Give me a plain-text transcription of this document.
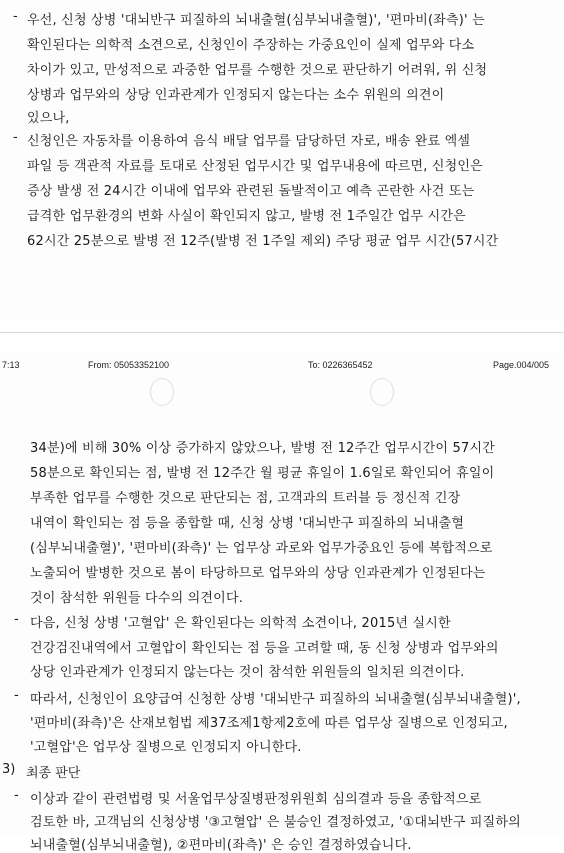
- 우선, 신청 상병 '대뇌반구 피질하의 뇌내출혈(심부뇌내출혈)', '편마비(좌측)' 는
확인된다는 의학적 소견으로, 신청인이 주장하는 가중요인이 실제 업무와 다소
차이가 있고, 만성적으로 과중한 업무를 수행한 것으로 판단하기 어려워, 위 신청
상병과 업무와의 상당 인과관계가 인정되지 않는다는 소수 위원의 의견이
있으나,
- 신청인은 자동차를 이용하여 음식 배달 업무를 담당하던 자로, 배송 완료 엑셀
파일 등 객관적 자료를 토대로 산정된 업무시간 및 업무내용에 따르면, 신청인은
증상 발생 전 24시간 이내에 업무와 관련된 돌발적이고 예측 곤란한 사건 또는
급격한 업무환경의 변화 사실이 확인되지 않고, 발병 전 1주일간 업무 시간은
62시간 25분으로 발병 전 12주(발병 전 1주일 제외) 주당 평균 업무 시간(57시간
7:13	From: 05053352100	To: 0226365452	Page.004/005
34분)에 비해 30% 이상 증가하지 않았으나, 발병 전 12주간 업무시간이 57시간
58분으로 확인되는 점, 발병 전 12주간 월 평균 휴일이 1.6일로 확인되어 휴일이
부족한 업무를 수행한 것으로 판단되는 점, 고객과의 트러블 등 정신적 긴장
내역이 확인되는 점 등을 종합할 때, 신청 상병 '대뇌반구 피질하의 뇌내출혈
(심부뇌내출혈)', '편마비(좌측)' 는 업무상 과로와 업무가중요인 등에 복합적으로
노출되어 발병한 것으로 봄이 타당하므로 업무와의 상당 인과관계가 인정된다는
것이 참석한 위원들 다수의 의견이다.
- 다음, 신청 상병 '고혈압' 은 확인된다는 의학적 소견이나, 2015년 실시한
건강검진내역에서 고혈압이 확인되는 점 등을 고려할 때, 동 신청 상병과 업무와의
상당 인과관계가 인정되지 않는다는 것이 참석한 위원들의 일치된 의견이다.
- 따라서, 신청인이 요양급여 신청한 상병 '대뇌반구 피질하의 뇌내출혈(심부뇌내출혈)',
'편마비(좌측)'은 산재보험법 제37조제1항제2호에 따른 업무상 질병으로 인정되고,
'고혈압'은 업무상 질병으로 인정되지 아니한다.
3) 최종 판단
- 이상과 같이 관련법령 및 서울업무상질병판정위원회 심의결과 등을 종합적으로
검토한 바, 고객님의 신청상병 '③고혈압' 은 불승인 결정하였고, '①대뇌반구 피질하의
뇌내출혈(심부뇌내출혈), ②편마비(좌측)' 은 승인 결정하였습니다.
